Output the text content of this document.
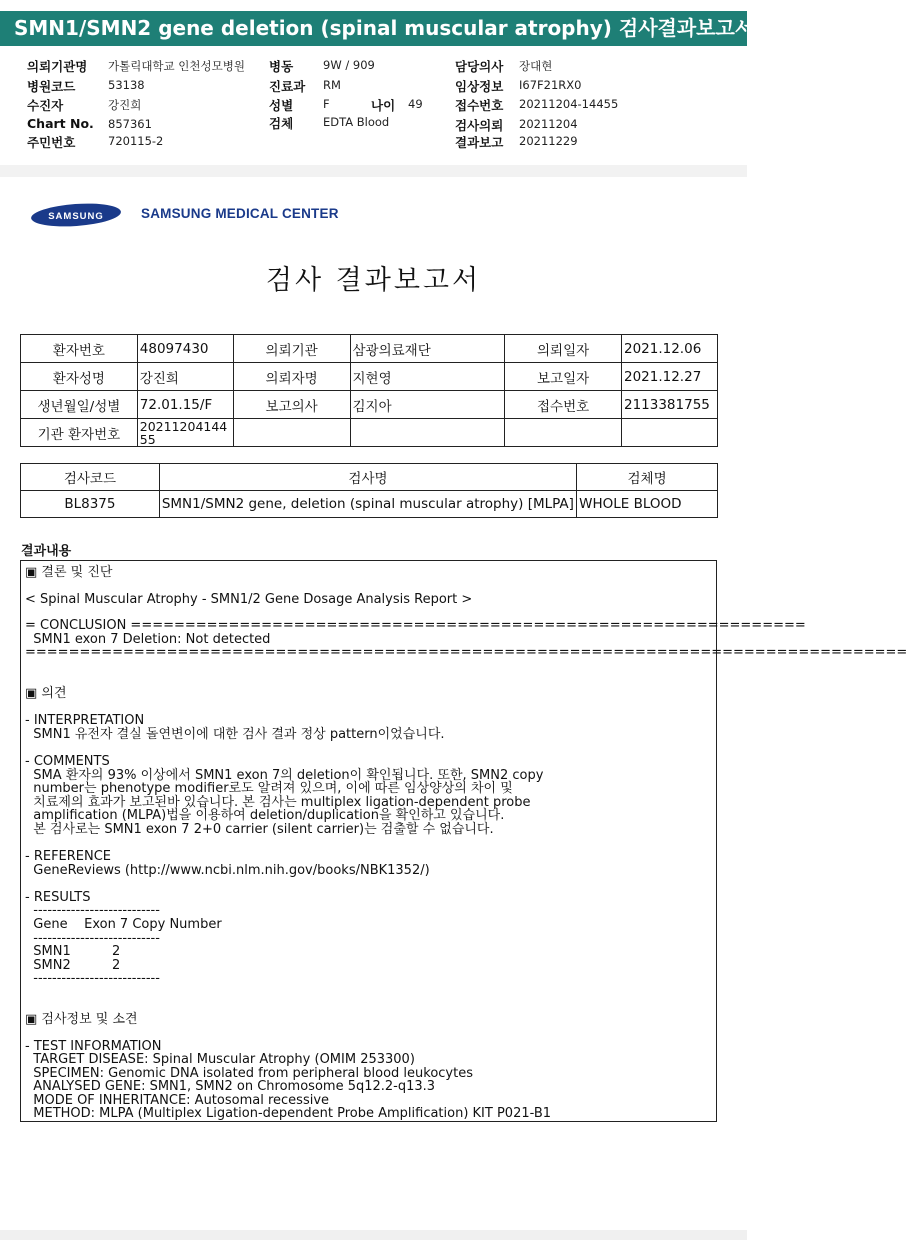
SMN1/SMN2 gene deletion (spinal muscular atrophy) 검사결과보고서
의뢰기관명 가톨릭대학교 인천성모병원
병원코드	53138
수진자	강진희
Chart No. 857361
주민번호	720115-2
병동	9W / 909
진료과 RM
성별	F	나이 49
검체	EDTA Blood
담당의사 장대현
임상정보 I67F21RX0
접수번호 20211204-14455
검사의뢰 20211204
결과보고 20211229
SAMSUNG	SAMSUNG MEDICAL CENTER
검사 결과보고서
환자번호	48097430	의뢰기관	삼광의료재단	의뢰일자	2021.12.06
환자성명	강진희	의뢰자명	지현영	보고일자	2021.12.27
생년월일/성별	72.01.15/F	보고의사	김지아	접수번호	2113381755
기관 환자번호	20211204144 55				
검사코드	검사명	검체명
BL8375	SMN1/SMN2 gene, deletion (spinal muscular atrophy) [MLPA]	WHOLE BLOOD
결과내용
▣ 결론 및 진단
< Spinal Muscular Atrophy - SMN1/2 Gene Dosage Analysis Report >
= CONCLUSION ==============================================================
SMN1 exon 7 Deletion: Not detected
=================================================================================
▣ 의견
- INTERPRETATION
SMN1 유전자 결실 돌연변이에 대한 검사 결과 정상 pattern이었습니다.
- COMMENTS
SMA 환자의 93% 이상에서 SMN1 exon 7의 deletion이 확인됩니다. 또한, SMN2 copy
number는 phenotype modifier로도 알려져 있으며, 이에 따른 임상양상의 차이 및
치료제의 효과가 보고된바 있습니다. 본 검사는 multiplex ligation-dependent probe
amplification (MLPA)법을 이용하여 deletion/duplication을 확인하고 있습니다.
본 검사로는 SMN1 exon 7 2+0 carrier (silent carrier)는 검출할 수 없습니다.
- REFERENCE
GeneReviews (http://www.ncbi.nlm.nih.gov/books/NBK1352/)
- RESULTS
---------------------------
Gene    Exon 7 Copy Number
---------------------------
SMN1          2
SMN2          2
---------------------------
▣ 검사정보 및 소견
- TEST INFORMATION
TARGET DISEASE: Spinal Muscular Atrophy (OMIM 253300)
SPECIMEN: Genomic DNA isolated from peripheral blood leukocytes
ANALYSED GENE: SMN1, SMN2 on Chromosome 5q12.2-q13.3
MODE OF INHERITANCE: Autosomal recessive
METHOD: MLPA (Multiplex Ligation-dependent Probe Amplification) KIT P021-B1
